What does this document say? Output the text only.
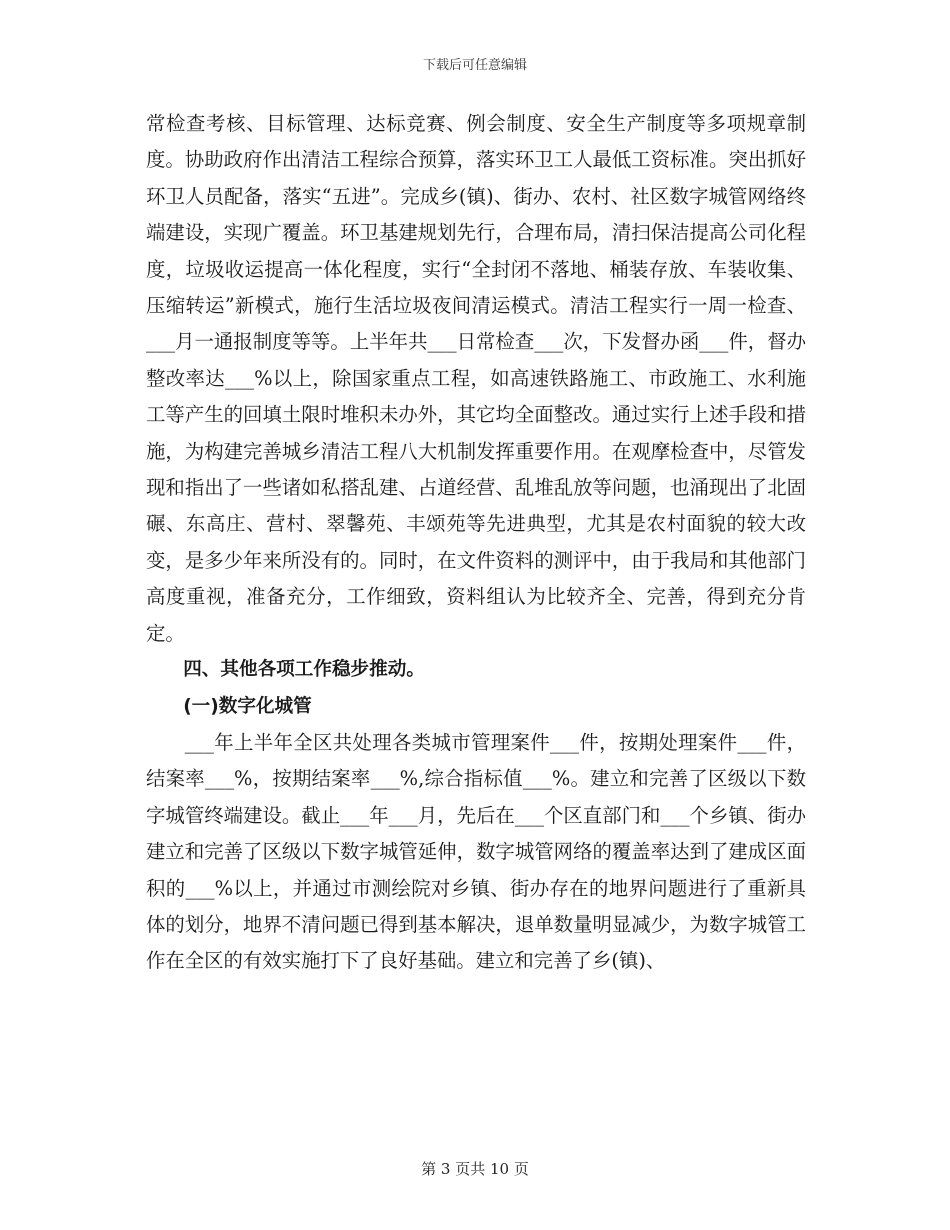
下载后可任意编辑

常检查考核、目标管理、达标竞赛、例会制度、安全生产制度等多项规章制度。协助政府作出清洁工程综合预算，落实环卫工人最低工资标准。突出抓好环卫人员配备，落实“五进”。完成乡(镇)、街办、农村、社区数字城管网络终端建设，实现广覆盖。环卫基建规划先行，合理布局，清扫保洁提高公司化程度，垃圾收运提高一体化程度，实行“全封闭不落地、桶装存放、车装收集、压缩转运”新模式，施行生活垃圾夜间清运模式。清洁工程实行一周一检查、___月一通报制度等等。上半年共___日常检查___次，下发督办函___件，督办整改率达___%以上，除国家重点工程，如高速铁路施工、市政施工、水利施工等产生的回填土限时堆积未办外，其它均全面整改。通过实行上述手段和措施，为构建完善城乡清洁工程八大机制发挥重要作用。在观摩检查中，尽管发现和指出了一些诸如私搭乱建、占道经营、乱堆乱放等问题，也涌现出了北固碾、东高庄、营村、翠馨苑、丰颂苑等先进典型，尤其是农村面貌的较大改变，是多少年来所没有的。同时，在文件资料的测评中，由于我局和其他部门高度重视，准备充分，工作细致，资料组认为比较齐全、完善，得到充分肯定。

四、其他各项工作稳步推动。

(一)数字化城管

___年上半年全区共处理各类城市管理案件___件，按期处理案件___件，结案率___%，按期结案率___%,综合指标值___%。建立和完善了区级以下数字城管终端建设。截止___年___月，先后在___个区直部门和___个乡镇、街办建立和完善了区级以下数字城管延伸，数字城管网络的覆盖率达到了建成区面积的___%以上，并通过市测绘院对乡镇、街办存在的地界问题进行了重新具体的划分，地界不清问题已得到基本解决，退单数量明显减少，为数字城管工作在全区的有效实施打下了良好基础。建立和完善了乡(镇)、

第 3 页共 10 页
